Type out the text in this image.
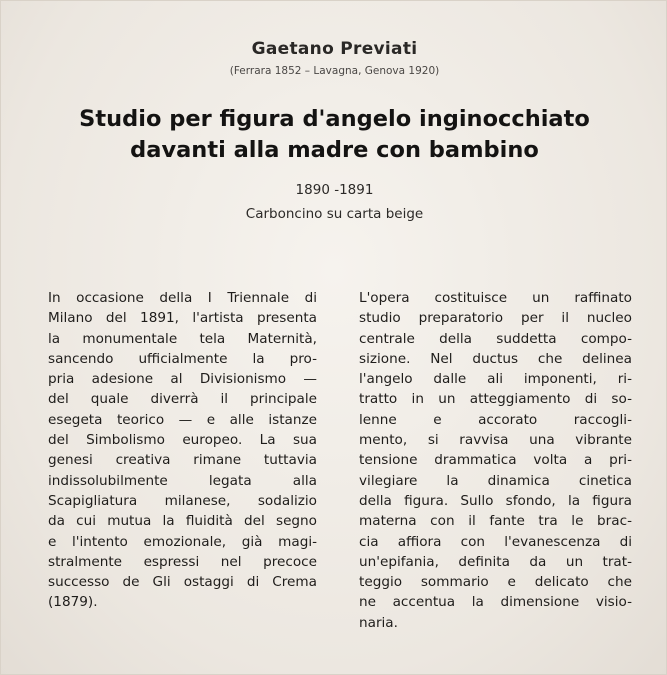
Gaetano Previati
(Ferrara 1852 – Lavagna, Genova 1920)
Studio per figura d'angelo inginocchiato
davanti alla madre con bambino
1890 -1891
Carboncino su carta beige
In occasione della I Triennale di
Milano del 1891, l'artista presenta
la monumentale tela Maternità,
sancendo ufficialmente la pro-
pria adesione al Divisionismo —
del quale diverrà il principale
esegeta teorico — e alle istanze
del Simbolismo europeo. La sua
genesi creativa rimane tuttavia
indissolubilmente legata alla
Scapigliatura milanese, sodalizio
da cui mutua la fluidità del segno
e l'intento emozionale, già magi-
stralmente espressi nel precoce
successo de Gli ostaggi di Crema
(1879).
L'opera costituisce un raffinato
studio preparatorio per il nucleo
centrale della suddetta compo-
sizione. Nel ductus che delinea
l'angelo dalle ali imponenti, ri-
tratto in un atteggiamento di so-
lenne e accorato raccogli-
mento, si ravvisa una vibrante
tensione drammatica volta a pri-
vilegiare la dinamica cinetica
della figura. Sullo sfondo, la figura
materna con il fante tra le brac-
cia affiora con l'evanescenza di
un'epifania, definita da un trat-
teggio sommario e delicato che
ne accentua la dimensione visio-
naria.
